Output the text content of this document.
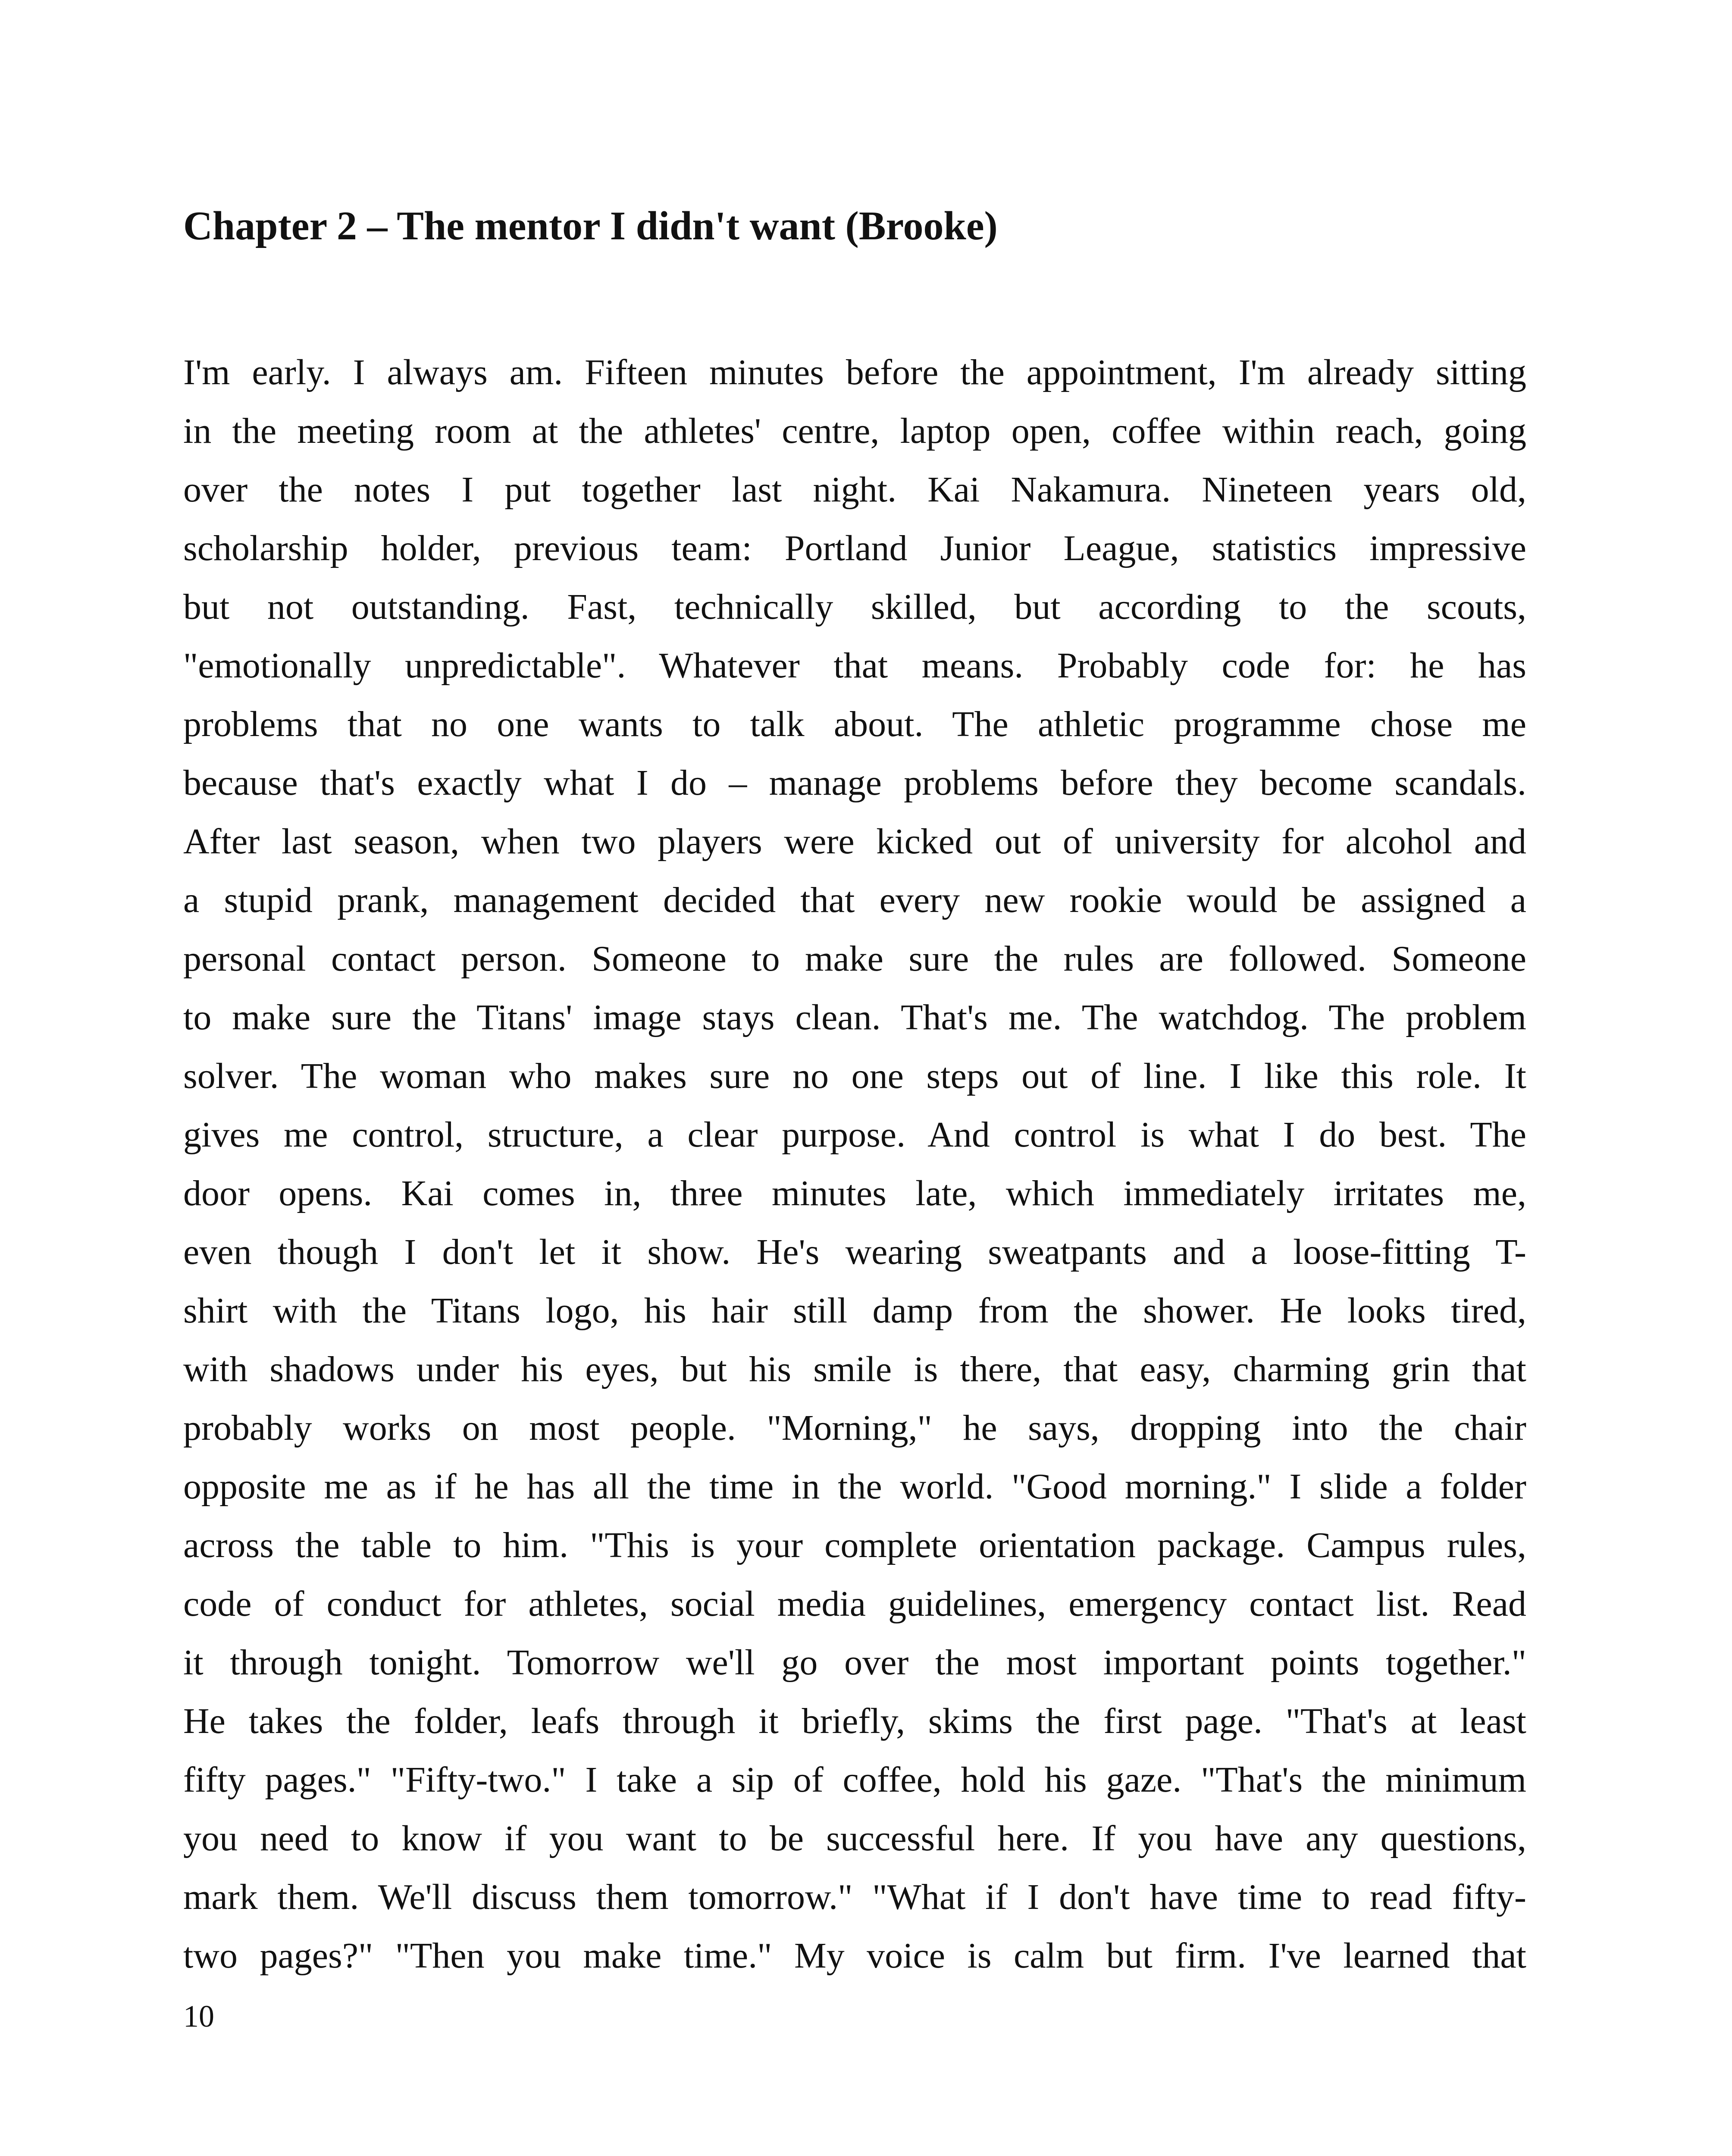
Chapter 2 – The mentor I didn't want (Brooke)
I'm early. I always am. Fifteen minutes before the appointment, I'm already sitting
in the meeting room at the athletes' centre, laptop open, coffee within reach, going
over the notes I put together last night. Kai Nakamura. Nineteen years old,
scholarship holder, previous team: Portland Junior League, statistics impressive
but not outstanding. Fast, technically skilled, but according to the scouts,
"emotionally unpredictable". Whatever that means. Probably code for: he has
problems that no one wants to talk about. The athletic programme chose me
because that's exactly what I do – manage problems before they become scandals.
After last season, when two players were kicked out of university for alcohol and
a stupid prank, management decided that every new rookie would be assigned a
personal contact person. Someone to make sure the rules are followed. Someone
to make sure the Titans' image stays clean. That's me. The watchdog. The problem
solver. The woman who makes sure no one steps out of line. I like this role. It
gives me control, structure, a clear purpose. And control is what I do best. The
door opens. Kai comes in, three minutes late, which immediately irritates me,
even though I don't let it show. He's wearing sweatpants and a loose-fitting T-
shirt with the Titans logo, his hair still damp from the shower. He looks tired,
with shadows under his eyes, but his smile is there, that easy, charming grin that
probably works on most people. "Morning," he says, dropping into the chair
opposite me as if he has all the time in the world. "Good morning." I slide a folder
across the table to him. "This is your complete orientation package. Campus rules,
code of conduct for athletes, social media guidelines, emergency contact list. Read
it through tonight. Tomorrow we'll go over the most important points together."
He takes the folder, leafs through it briefly, skims the first page. "That's at least
fifty pages." "Fifty-two." I take a sip of coffee, hold his gaze. "That's the minimum
you need to know if you want to be successful here. If you have any questions,
mark them. We'll discuss them tomorrow." "What if I don't have time to read fifty-
two pages?" "Then you make time." My voice is calm but firm. I've learned that
10
